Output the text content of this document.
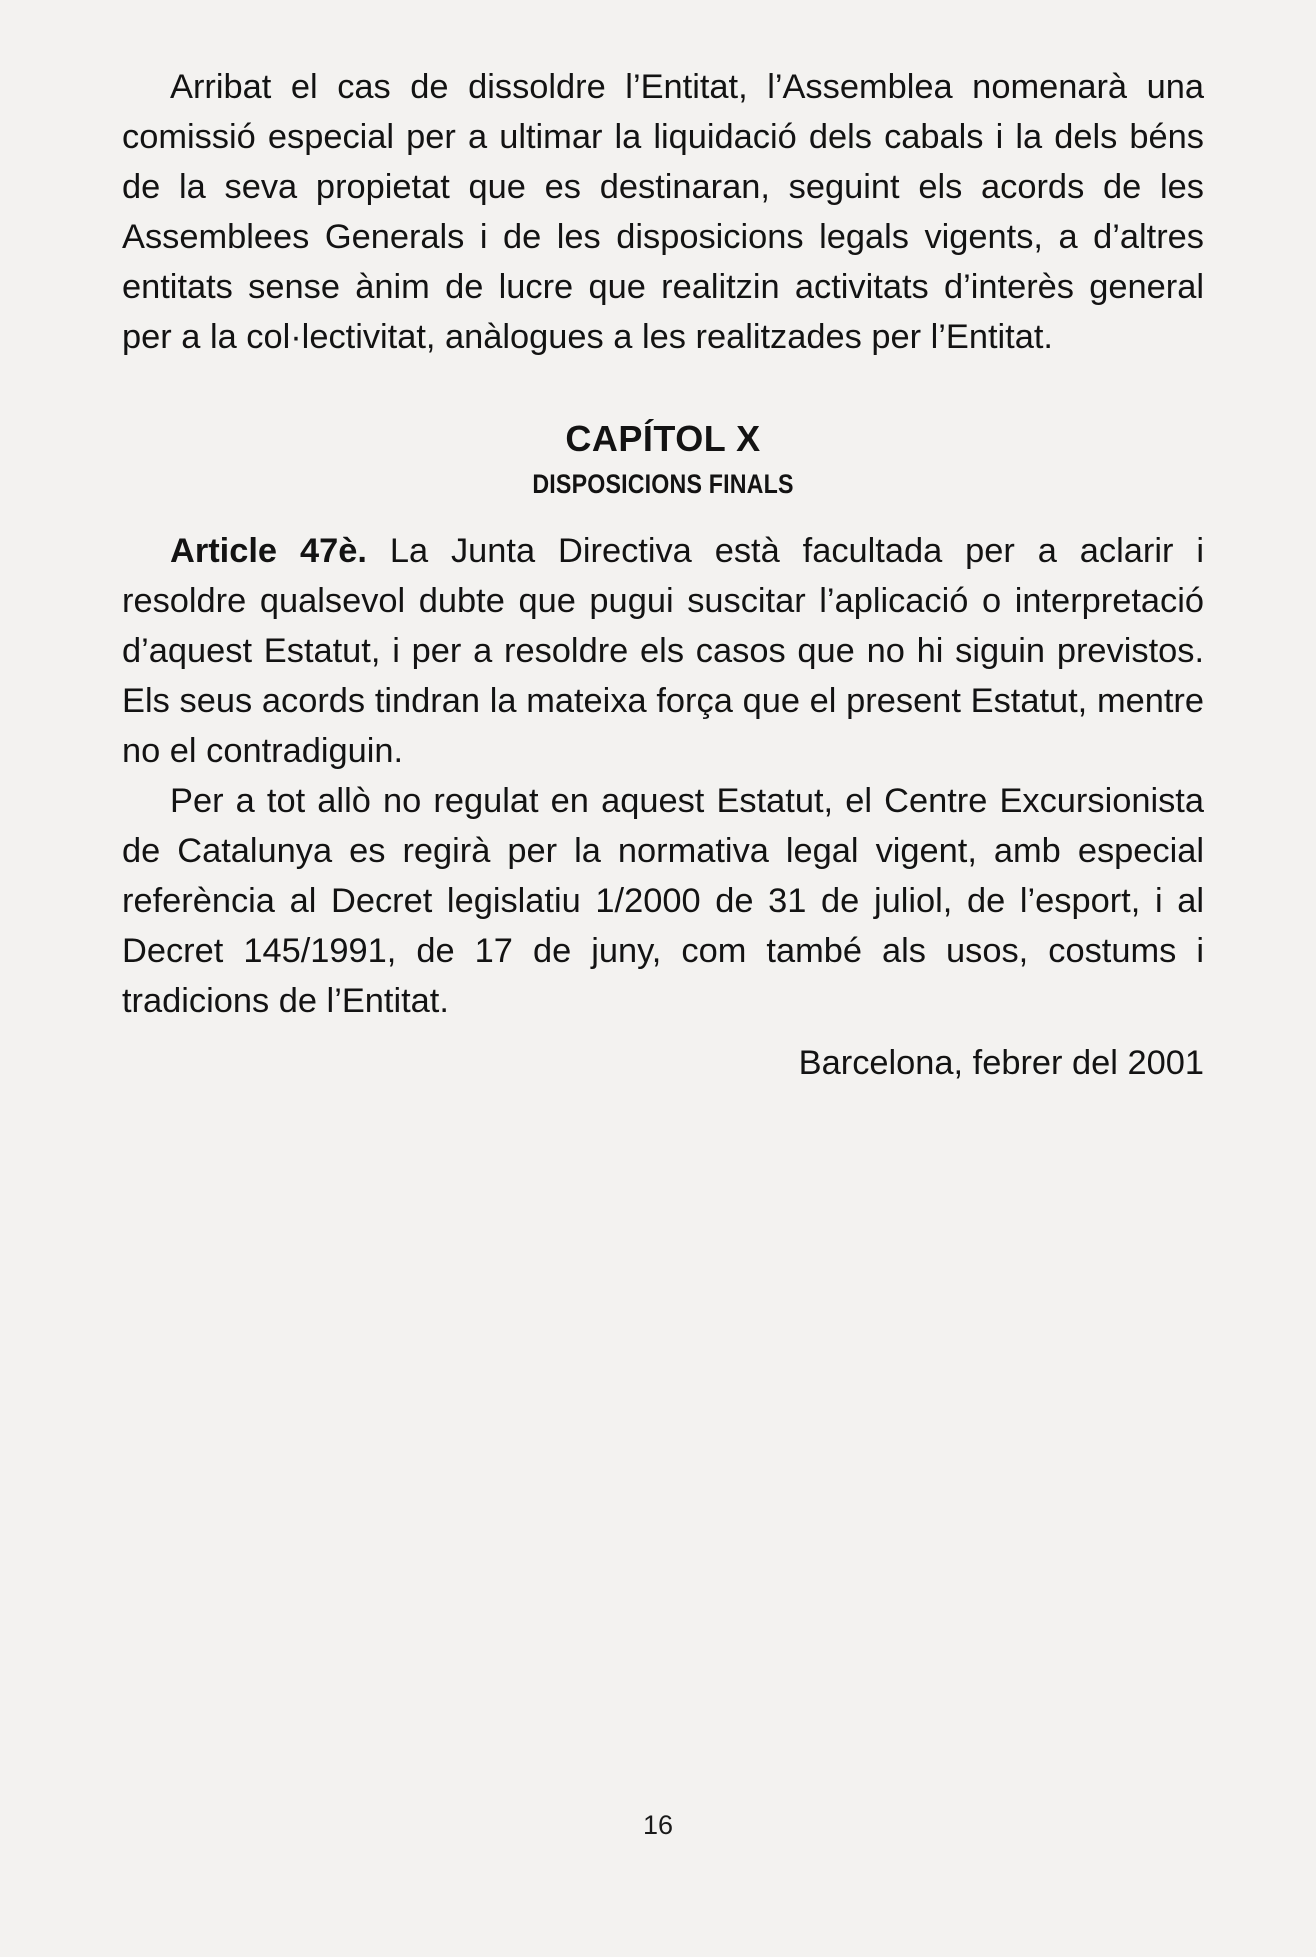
Arribat el cas de dissoldre l’Entitat, l’Assemblea nomenarà una comissió especial per a ultimar la liquidació dels cabals i la dels béns de la seva propietat que es destinaran, seguint els acords de les Assemblees Generals i de les disposicions legals vigents, a d’altres entitats sense ànim de lucre que realitzin activitats d’interès general per a la col·lectivitat, anàlogues a les realitzades per l’Entitat.

CAPÍTOL X
DISPOSICIONS FINALS

Article 47è. La Junta Directiva està facultada per a aclarir i resoldre qualsevol dubte que pugui suscitar l’aplicació o interpretació d’aquest Estatut, i per a resoldre els casos que no hi siguin previstos. Els seus acords tindran la mateixa força que el present Estatut, mentre no el contradiguin.

Per a tot allò no regulat en aquest Estatut, el Centre Excursionista de Catalunya es regirà per la normativa legal vigent, amb especial referència al Decret legislatiu 1/2000 de 31 de juliol, de l’esport, i al Decret 145/1991, de 17 de juny, com també als usos, costums i tradicions de l’Entitat.

Barcelona, febrer del 2001
16
